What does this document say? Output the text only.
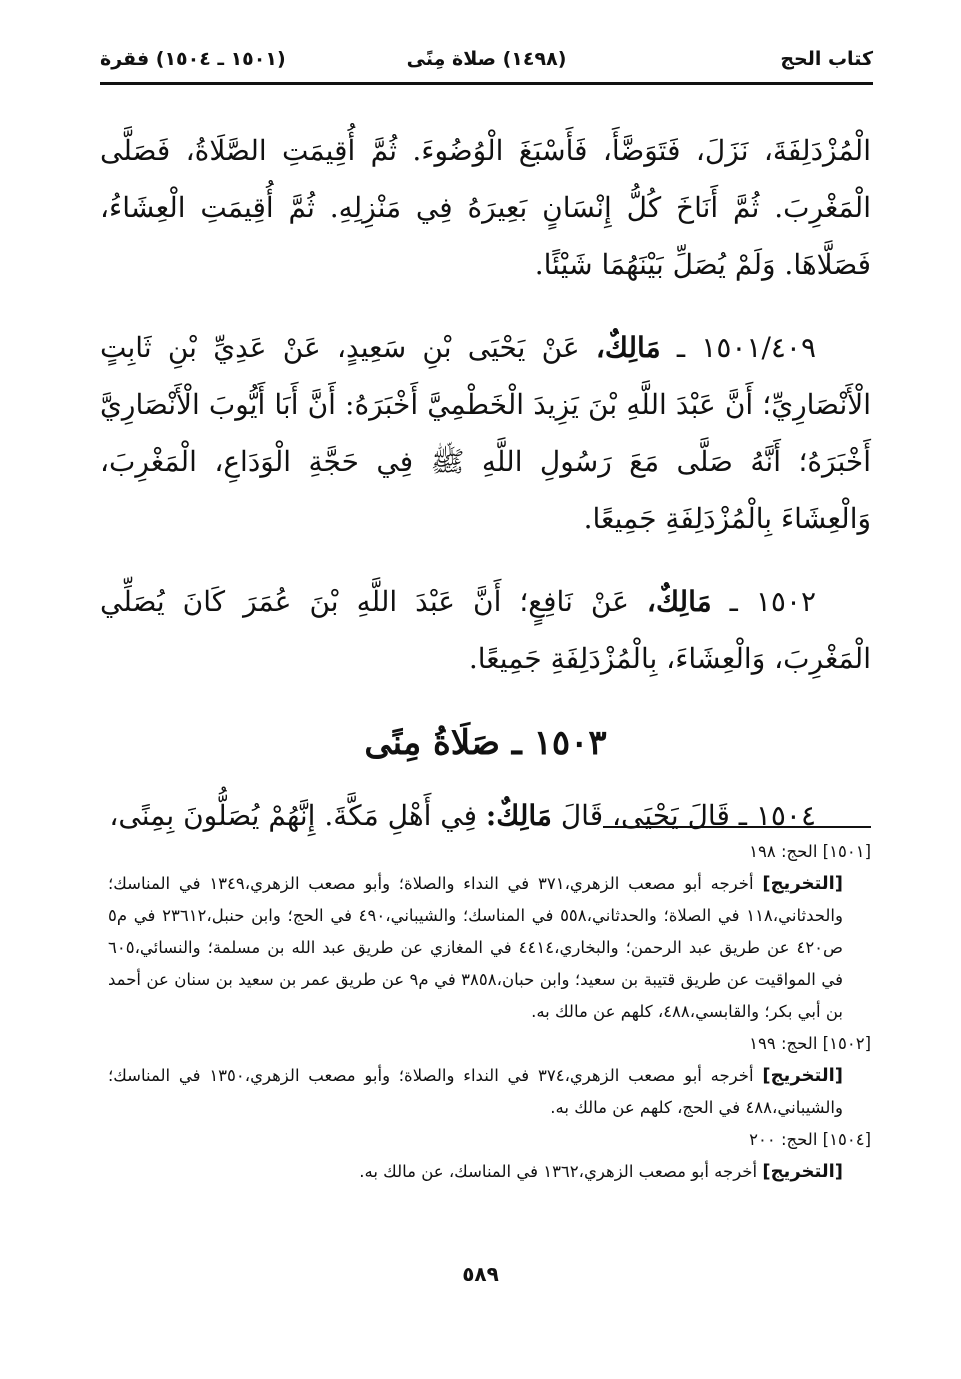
كتاب الحج
(١٤٩٨) صلاة مِنًى
(١٥٠١ ـ ١٥٠٤) فقرة

الْمُزْدَلِفَةَ، نَزَلَ، فَتَوَضَّأَ، فَأَسْبَغَ الْوُضُوءَ. ثُمَّ أُقِيمَتِ الصَّلَاةُ، فَصَلَّى الْمَغْرِبَ. ثُمَّ أَنَاخَ كُلُّ إِنْسَانٍ بَعِيرَهُ فِي مَنْزِلِهِ. ثُمَّ أُقِيمَتِ الْعِشَاءُ، فَصَلَّاهَا. وَلَمْ يُصَلِّ بَيْنَهُمَا شَيْئًا.

١٥٠١/٤٠٩ ـ مَالِكٌ، عَنْ يَحْيَى بْنِ سَعِيدٍ، عَنْ عَدِيِّ بْنِ ثَابِتٍ الْأَنْصَارِيِّ؛ أَنَّ عَبْدَ اللَّهِ بْنَ يَزِيدَ الْخَطْمِيَّ أَخْبَرَهُ: أَنَّ أَبَا أَيُّوبَ الْأَنْصَارِيَّ أَخْبَرَهُ؛ أَنَّهُ صَلَّى مَعَ رَسُولِ اللَّهِ ﷺ فِي حَجَّةِ الْوَدَاعِ، الْمَغْرِبَ، وَالْعِشَاءَ بِالْمُزْدَلِفَةِ جَمِيعًا.

١٥٠٢ ـ مَالِكٌ، عَنْ نَافِعٍ؛ أَنَّ عَبْدَ اللَّهِ بْنَ عُمَرَ كَانَ يُصَلِّي الْمَغْرِبَ، وَالْعِشَاءَ، بِالْمُزْدَلِفَةِ جَمِيعًا.

١٥٠٣ ـ صَلَاةُ مِنًى

١٥٠٤ ـ قَالَ يَحْيَى، قَالَ مَالِكٌ: فِي أَهْلِ مَكَّةَ. إِنَّهُمْ يُصَلُّونَ بِمِنًى،

[١٥٠١] الحج: ١٩٨

[التخريج] أخرجه أبو مصعب الزهري،٣٧١ في النداء والصلاة؛ وأبو مصعب الزهري،١٣٤٩ في المناسك؛ والحدثاني،١١٨ في الصلاة؛ والحدثاني،٥٥٨ في المناسك؛ والشيباني،٤٩٠ في الحج؛ وابن حنبل،٢٣٦١٢ في م٥ ص٤٢٠ عن طريق عبد الرحمن؛ والبخاري،٤٤١٤ في المغازي عن طريق عبد الله بن مسلمة؛ والنسائي،٦٠٥ في المواقيت عن طريق قتيبة بن سعيد؛ وابن حبان،٣٨٥٨ في م٩ عن طريق عمر بن سعيد بن سنان عن أحمد بن أبي بكر؛ والقابسي،٤٨٨، كلهم عن مالك به.

[١٥٠٢] الحج: ١٩٩

[التخريج] أخرجه أبو مصعب الزهري،٣٧٤ في النداء والصلاة؛ وأبو مصعب الزهري،١٣٥٠ في المناسك؛ والشيباني،٤٨٨ في الحج، كلهم عن مالك به.

[١٥٠٤] الحج: ٢٠٠

[التخريج] أخرجه أبو مصعب الزهري،١٣٦٢ في المناسك، عن مالك به.

٥٨٩
